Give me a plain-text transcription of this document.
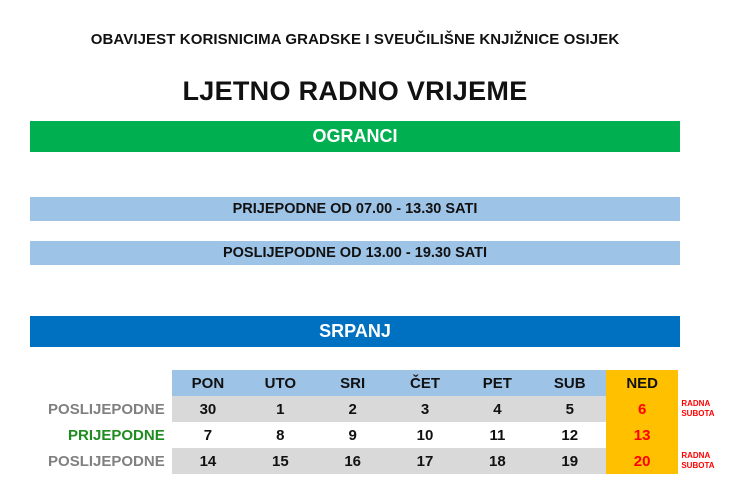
OBAVIJEST KORISNICIMA GRADSKE I SVEUČILIŠNE KNJIŽNICE OSIJEK
LJETNO RADNO VRIJEME
OGRANCI
PRIJEPODNE OD 07.00 - 13.30 SATI
POSLIJEPODNE OD 13.00 - 19.30 SATI
SRPANJ
	PON	UTO	SRI	ČET	PET	SUB	NED	
POSLIJEPODNE	30	1	2	3	4	5	6	RADNA
SUBOTA
PRIJEPODNE	7	8	9	10	11	12	13	
POSLIJEPODNE	14	15	16	17	18	19	20	RADNA
SUBOTA
